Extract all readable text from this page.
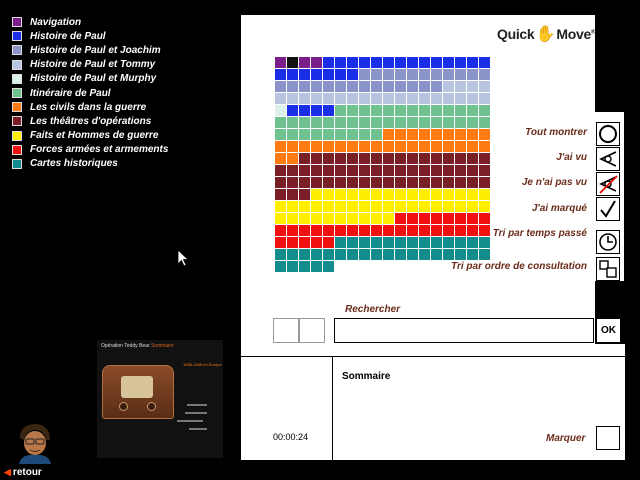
Navigation
Histoire de Paul
Histoire de Paul et Joachim
Histoire de Paul et Tommy
Histoire de Paul et Murphy
Itinéraire de Paul
Les civils dans la guerre
Les théâtres d'opérations
Faits et Hommes de guerre
Forces armées et armements
Cartes historiques
Quick✋Move®
Tout montrer
J'ai vu
Je n'ai pas vu
J'ai marqué
Tri par temps passé
Tri par ordre de consultation
Rechercher
OK
Sommaire
00:00:24	Marquer
Opération Teddy Bear Sommaire
1936-1945 en Europe
◀ retour
